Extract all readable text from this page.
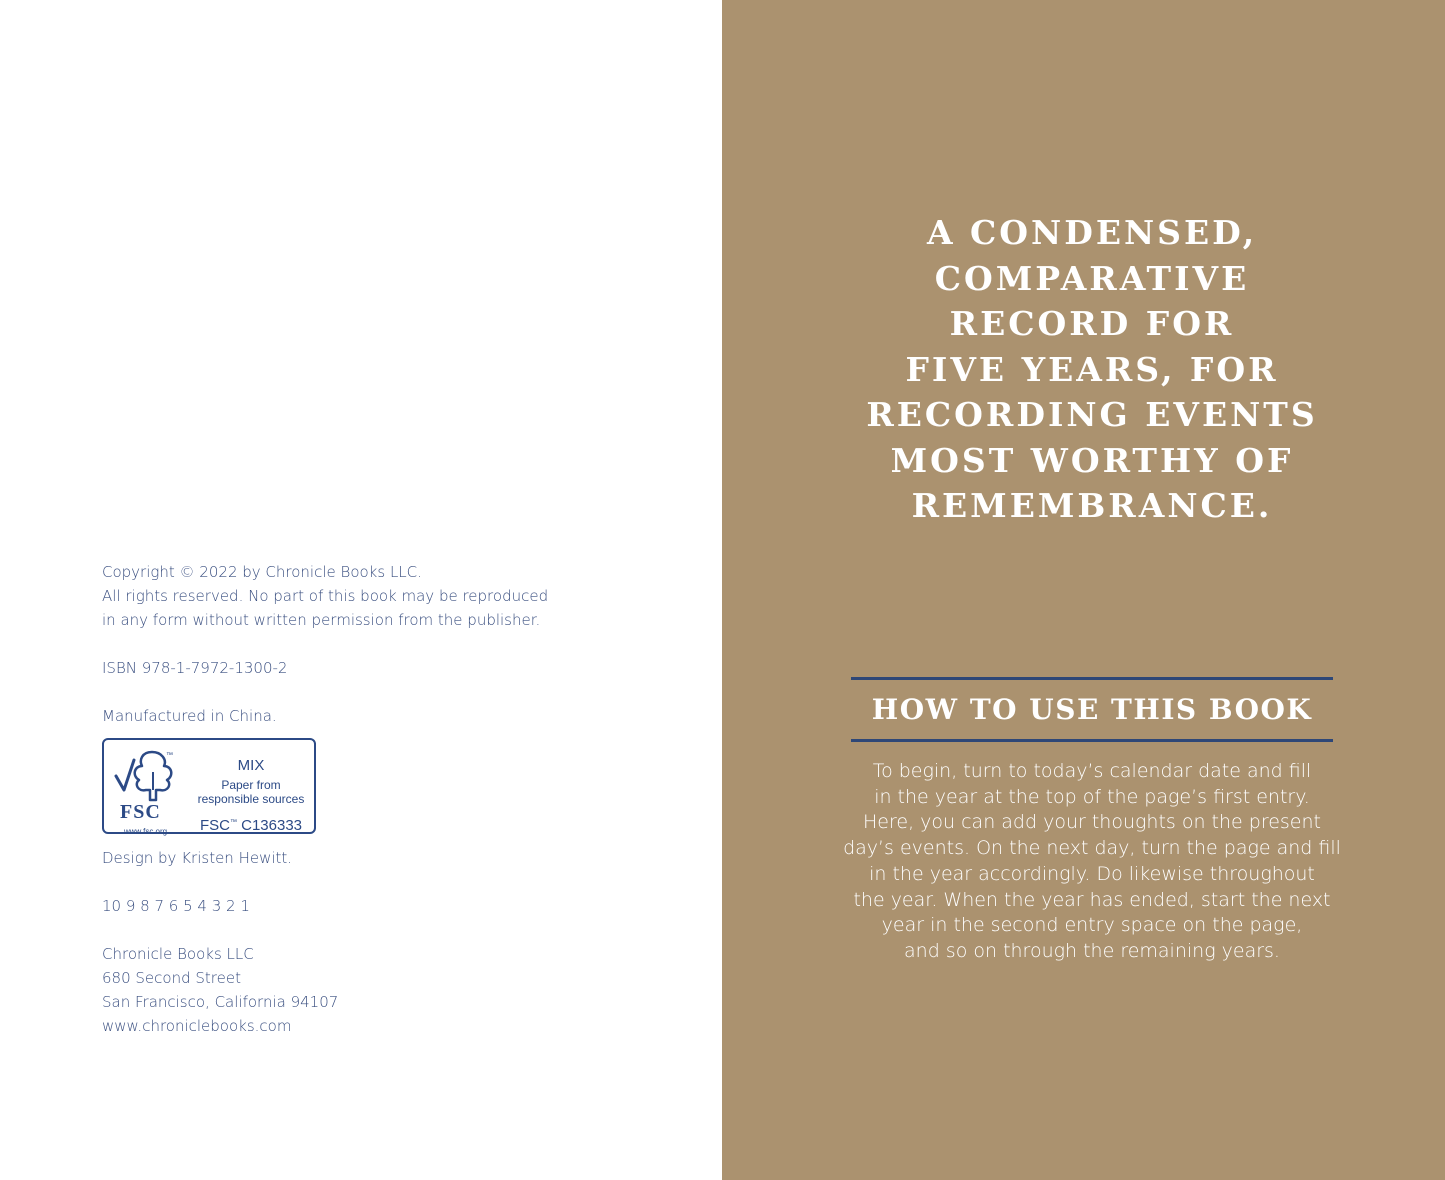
Copyright © 2022 by Chronicle Books LLC.
All rights reserved. No part of this book may be reproduced
in any form without written permission from the publisher.
ISBN 978-1-7972-1300-2
Manufactured in China.
™
FSC
www.fsc.org
MIX
Paper from
responsible sources
FSC™ C136333
Design by Kristen Hewitt.
10 9 8 7 6 5 4 3 2 1
Chronicle Books LLC
680 Second Street
San Francisco, California 94107
www.chroniclebooks.com
A CONDENSED,
COMPARATIVE
RECORD FOR
FIVE YEARS, FOR
RECORDING EVENTS
MOST WORTHY OF
REMEMBRANCE.
HOW TO USE THIS BOOK
To begin, turn to today’s calendar date and fill
in the year at the top of the page’s first entry.
Here, you can add your thoughts on the present
day’s events. On the next day, turn the page and fill
in the year accordingly. Do likewise throughout
the year. When the year has ended, start the next
year in the second entry space on the page,
and so on through the remaining years.
